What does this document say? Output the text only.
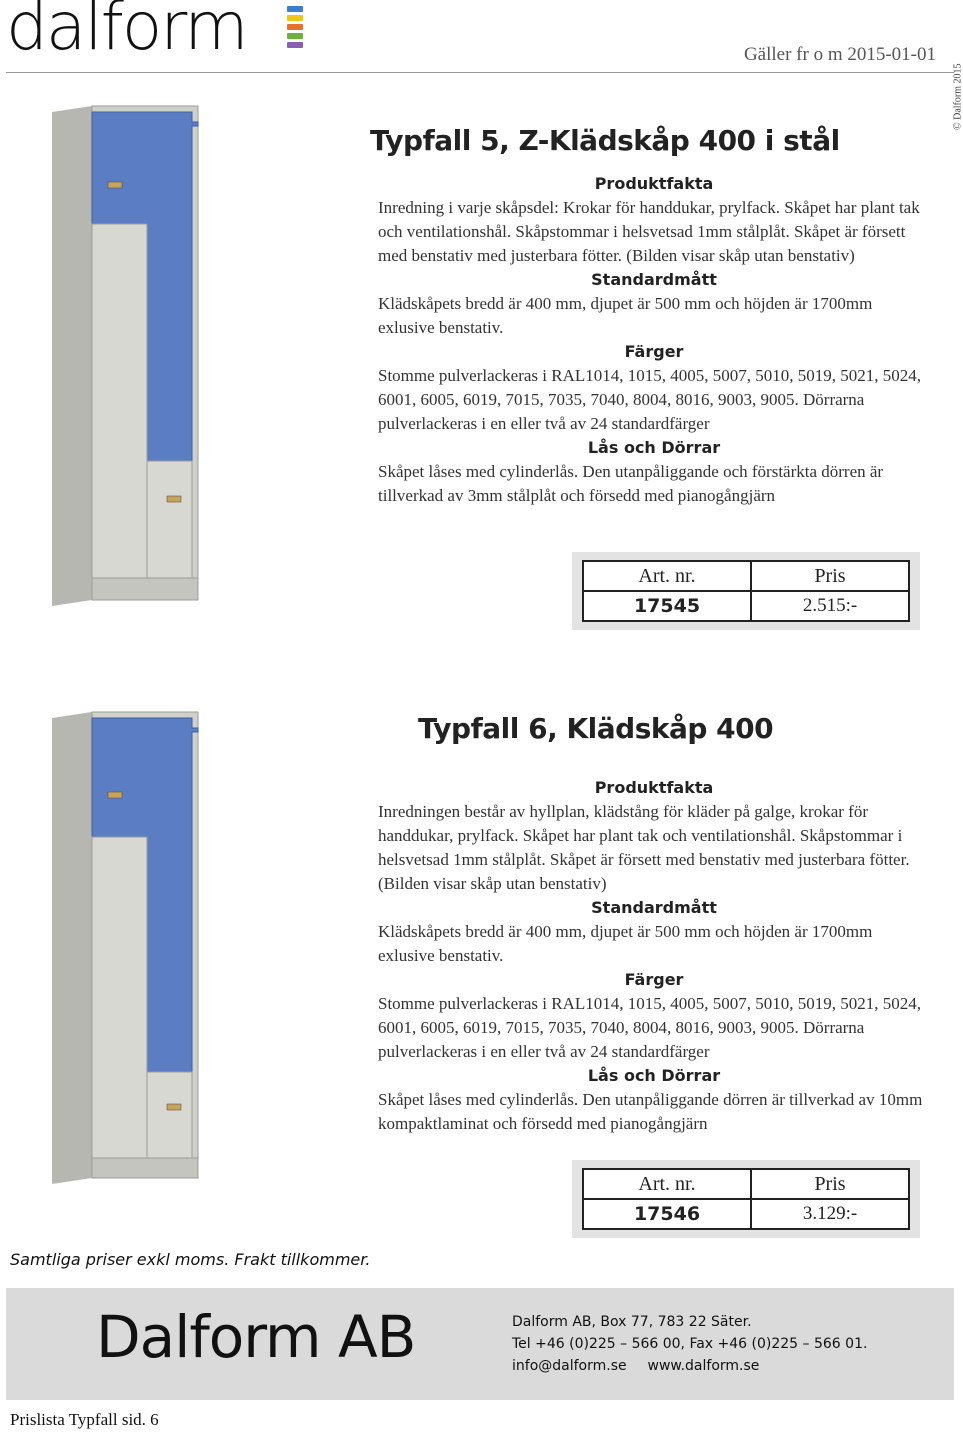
dalform	Gäller fr o m 2015-01-01
© Dalform 2015
Typfall 5, Z-Klädskåp 400 i stål
Produktfakta

Inredning i varje skåpsdel: Krokar för handdukar, prylfack. Skåpet har plant tak och ventilationshål. Skåpstommar i helsvetsad 1mm stålplåt. Skåpet är försett med benstativ med justerbara fötter. (Bilden visar skåp utan benstativ)

Standardmått

Klädskåpets bredd är 400 mm, djupet är 500 mm och höjden är 1700mm exlusive benstativ.

Färger

Stomme pulverlackeras i RAL1014, 1015, 4005, 5007, 5010, 5019, 5021, 5024, 6001, 6005, 6019, 7015, 7035, 7040, 8004, 8016, 9003, 9005. Dörrarna pulverlackeras i en eller två av 24 standardfärger

Lås och Dörrar

Skåpet låses med cylinderlås. Den utanpåliggande och förstärkta dörren är tillverkad av 3mm stålplåt och försedd med pianogångjärn

Art. nr.	Pris
17545	2.515:-
Typfall 6, Klädskåp 400
Produktfakta

Inredningen består av hyllplan, klädstång för kläder på galge, krokar för handdukar, prylfack. Skåpet har plant tak och ventilationshål. Skåpstommar i helsvetsad 1mm stålplåt. Skåpet är försett med benstativ med justerbara fötter. (Bilden visar skåp utan benstativ)

Standardmått

Klädskåpets bredd är 400 mm, djupet är 500 mm och höjden är 1700mm exlusive benstativ.

Färger

Stomme pulverlackeras i RAL1014, 1015, 4005, 5007, 5010, 5019, 5021, 5024, 6001, 6005, 6019, 7015, 7035, 7040, 8004, 8016, 9003, 9005. Dörrarna pulverlackeras i en eller två av 24 standardfärger

Lås och Dörrar

Skåpet låses med cylinderlås. Den utanpåliggande dörren är tillverkad av 10mm kompaktlaminat och försedd med pianogångjärn

Art. nr.	Pris
17546	3.129:-
Samtliga priser exkl moms. Frakt tillkommer.
Dalform AB	Dalform AB, Box 77, 783 22 Säter.
Tel +46 (0)225 – 566 00, Fax +46 (0)225 – 566 01.
info@dalform.se www.dalform.se
Prislista Typfall sid. 6
